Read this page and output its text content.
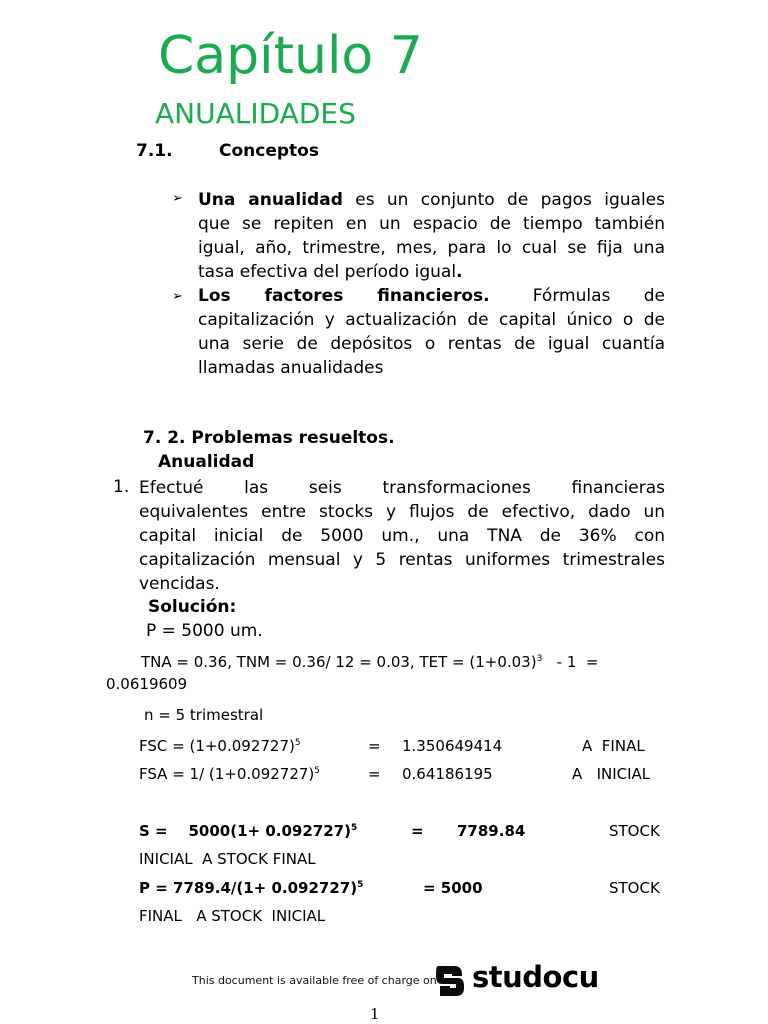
Capítulo 7
ANUALIDADES
7.1.	Conceptos
➢ Una anualidad es un conjunto de pagos iguales
que se repiten en un espacio de tiempo también
igual, año, trimestre, mes, para lo cual se fija una
tasa efectiva del período igual.
➢ Los factores financieros.	Fórmulas de
capitalización y actualización de capital único o de
una serie de depósitos o rentas de igual cuantía
llamadas anualidades
7. 2. Problemas resueltos.
Anualidad
1. Efectué las seis transformaciones financieras
equivalentes entre stocks y flujos de efectivo, dado un
capital inicial de 5000 um., una TNA de 36% con
capitalización mensual y 5 rentas uniformes trimestrales
vencidas.
Solución:
P = 5000 um.
TNA = 0.36, TNM = 0.36/ 12 = 0.03, TET = $(1+0.03)^3 - 1$  =
0.0619609
n = 5 trimestral
FSC = $(1+0.092727)^5$	= 1.350649414	A  FINAL
FSA = 1/ $(1+0.092727)^5$	= 0.64186195	A   INICIAL
S =    $5000(1+ 0.092727)^5$	= 7789.84	STOCK
INICIAL  A STOCK FINAL
$P = 7789.4/(1+ 0.092727)^5$	= 5000	STOCK
FINAL   A STOCK  INICIAL
This document is available free of charge on studocu
1
